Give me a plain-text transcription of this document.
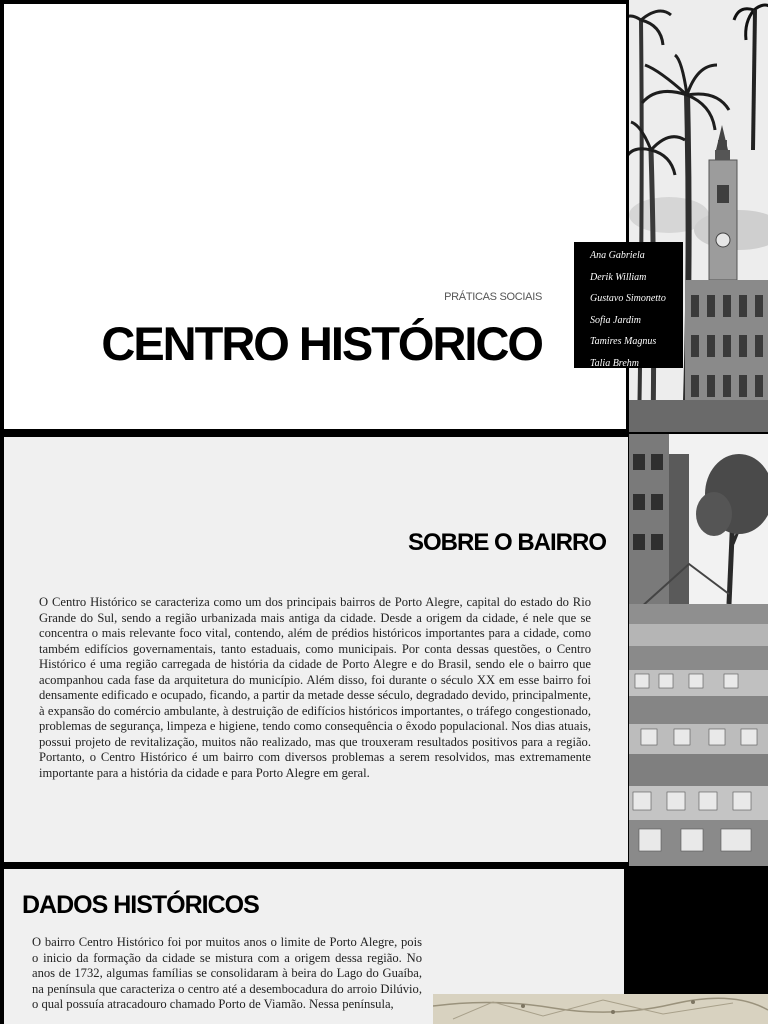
PRÁTICAS SOCIAIS
CENTRO HISTÓRICO
Ana Gabriela
Derik William
Gustavo Simonetto
Sofia Jardim
Tamires Magnus
Talia Brehm
SOBRE O BAIRRO

O Centro Histórico se caracteriza como um dos principais bairros de Porto Alegre, capital do estado do Rio Grande do Sul, sendo a região urbanizada mais antiga da cidade. Desde a origem da cidade, é nele que se concentra o mais relevante foco vital, contendo, além de prédios históricos importantes para a cidade, como também edifícios governamentais, tanto estaduais, como municipais. Por conta dessas questões, o Centro Histórico é uma região carregada de história da cidade de Porto Alegre e do Brasil, sendo ele o bairro que acompanhou cada fase da arquitetura do município. Além disso, foi durante o século XX em esse bairro foi densamente edificado e ocupado, ficando, a partir da metade desse século, degradado devido, principalmente, à expansão do comércio ambulante, à destruição de edifícios históricos importantes, o tráfego congestionado, problemas de segurança, limpeza e higiene, tendo como consequência o êxodo populacional. Nos dias atuais, possui projeto de revitalização, muitos não realizado, mas que trouxeram resultados positivos para a região. Portanto, o Centro Histórico é um bairro com diversos problemas a serem resolvidos, mas extremamente importante para a história da cidade e para Porto Alegre em geral.

DADOS HISTÓRICOS

O bairro Centro Histórico foi por muitos anos o limite de Porto Alegre, pois o inicio da formação da cidade se mistura com a origem dessa região. No anos de 1732, algumas famílias se consolidaram à beira do Lago do Guaíba, na península que caracteriza o centro até a desembocadura do arroio Dilúvio, o qual possuía atracadouro chamado Porto de Viamão. Nessa península,
